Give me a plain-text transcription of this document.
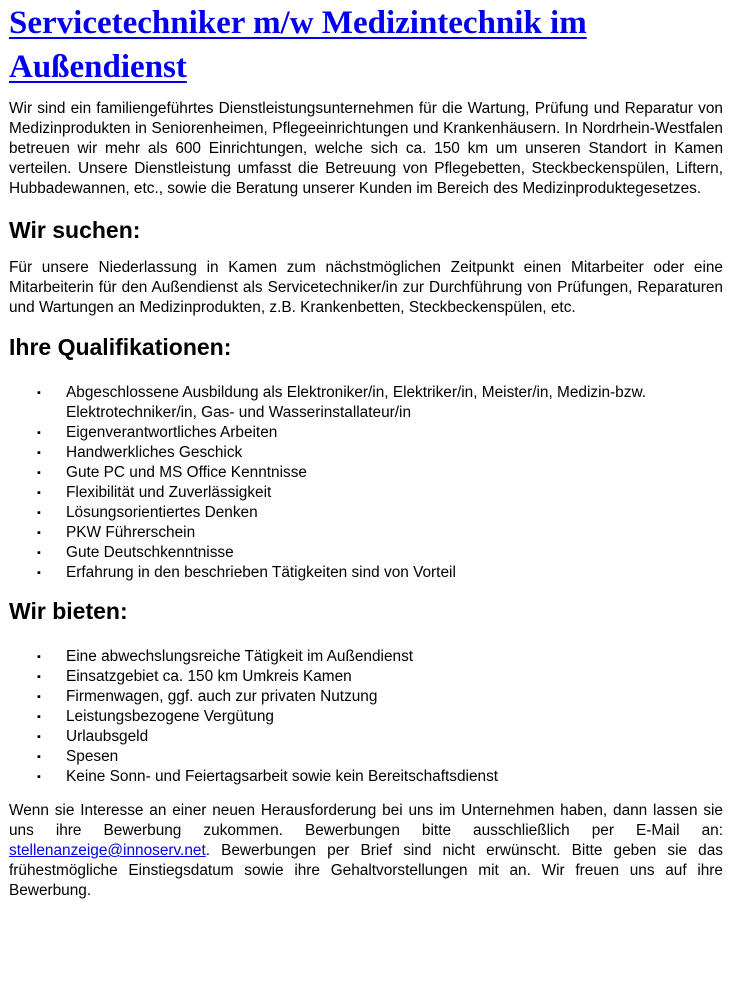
Servicetechniker m/w Medizintechnik im Außendienst

Wir sind ein familiengeführtes Dienstleistungsunternehmen für die Wartung, Prüfung und Reparatur von Medizinprodukten in Seniorenheimen, Pflegeeinrichtungen und Krankenhäusern. In Nordrhein-Westfalen betreuen wir mehr als 600 Einrichtungen, welche sich ca. 150 km um unseren Standort in Kamen verteilen. Unsere Dienstleistung umfasst die Betreuung von Pflegebetten, Steckbeckenspülen, Liftern, Hubbadewannen, etc., sowie die Beratung unserer Kunden im Bereich des Medizinproduktegesetzes.

Wir suchen:

Für unsere Niederlassung in Kamen zum nächstmöglichen Zeitpunkt einen Mitarbeiter oder eine Mitarbeiterin für den Außendienst als Servicetechniker/in zur Durchführung von Prüfungen, Reparaturen und Wartungen an Medizinprodukten, z.B. Krankenbetten, Steckbeckenspülen, etc.

Ihre Qualifikationen:
▪ Abgeschlossene Ausbildung als Elektroniker/in, Elektriker/in, Meister/in, Medizin-bzw. Elektrotechniker/in, Gas- und Wasserinstallateur/in
▪ Eigenverantwortliches Arbeiten
▪ Handwerkliches Geschick
▪ Gute PC und MS Office Kenntnisse
▪ Flexibilität und Zuverlässigkeit
▪ Lösungsorientiertes Denken
▪ PKW Führerschein
▪ Gute Deutschkenntnisse
▪ Erfahrung in den beschrieben Tätigkeiten sind von Vorteil
Wir bieten:
▪ Eine abwechslungsreiche Tätigkeit im Außendienst
▪ Einsatzgebiet ca. 150 km Umkreis Kamen
▪ Firmenwagen, ggf. auch zur privaten Nutzung
▪ Leistungsbezogene Vergütung
▪ Urlaubsgeld
▪ Spesen
▪ Keine Sonn- und Feiertagsarbeit sowie kein Bereitschaftsdienst

Wenn sie Interesse an einer neuen Herausforderung bei uns im Unternehmen haben, dann lassen sie uns ihre Bewerbung zukommen. Bewerbungen bitte ausschließlich per E-Mail an: stellenanzeige@innoserv.net. Bewerbungen per Brief sind nicht erwünscht. Bitte geben sie das frühestmögliche Einstiegsdatum sowie ihre Gehaltvorstellungen mit an. Wir freuen uns auf ihre Bewerbung.
